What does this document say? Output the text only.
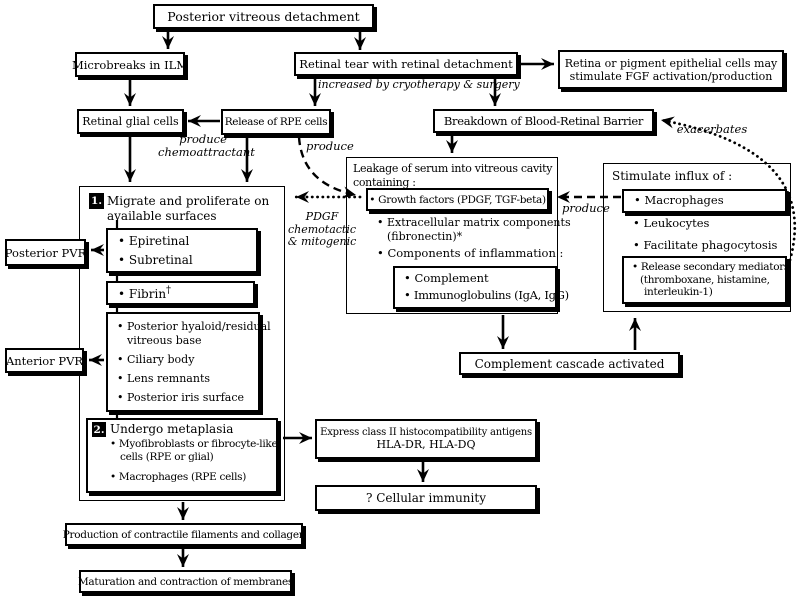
Posterior vitreous detachment
Microbreaks in ILM	Retinal tear with retinal detachment	Retina or pigment epithelial cells may
stimulate FGF activation/production
Retinal glial cells	Release of RPE cells	Breakdown of Blood-Retinal Barrier
Posterior PVR
Anterior PVR
• Epiretinal
• Subretinal
• Fibrin†
• Posterior hyaloid/residual
vitreous base
• Ciliary body
• Lens remnants
• Posterior iris surface
• Growth factors (PDGF, TGF-beta)
• Complement
• Immunoglobulins (IgA, IgG)
• Macrophages
• Release secondary mediators
(thromboxane, histamine,
interleukin-1)
Complement cascade activated
Express class II histocompatibility antigens
HLA-DR, HLA-DQ
? Cellular immunity
Production of contractile filaments and collagen
Maturation and contraction of membranes
1. Migrate and proliferate on
available surfaces
2. Undergo metaplasia
• Myofibroblasts or fibrocyte-like
cells (RPE or glial)
• Macrophages (RPE cells)
Leakage of serum into vitreous cavity
containing :
• Extracellular matrix components
(fibronectin)*
• Components of inflammation :
Stimulate influx of :
• Leukocytes
• Facilitate phagocytosis
increased by cryotherapy & surgery
produce
chemoattractant	produce
produce
exacerbates
PDGF
chemotactic
& mitogenic
